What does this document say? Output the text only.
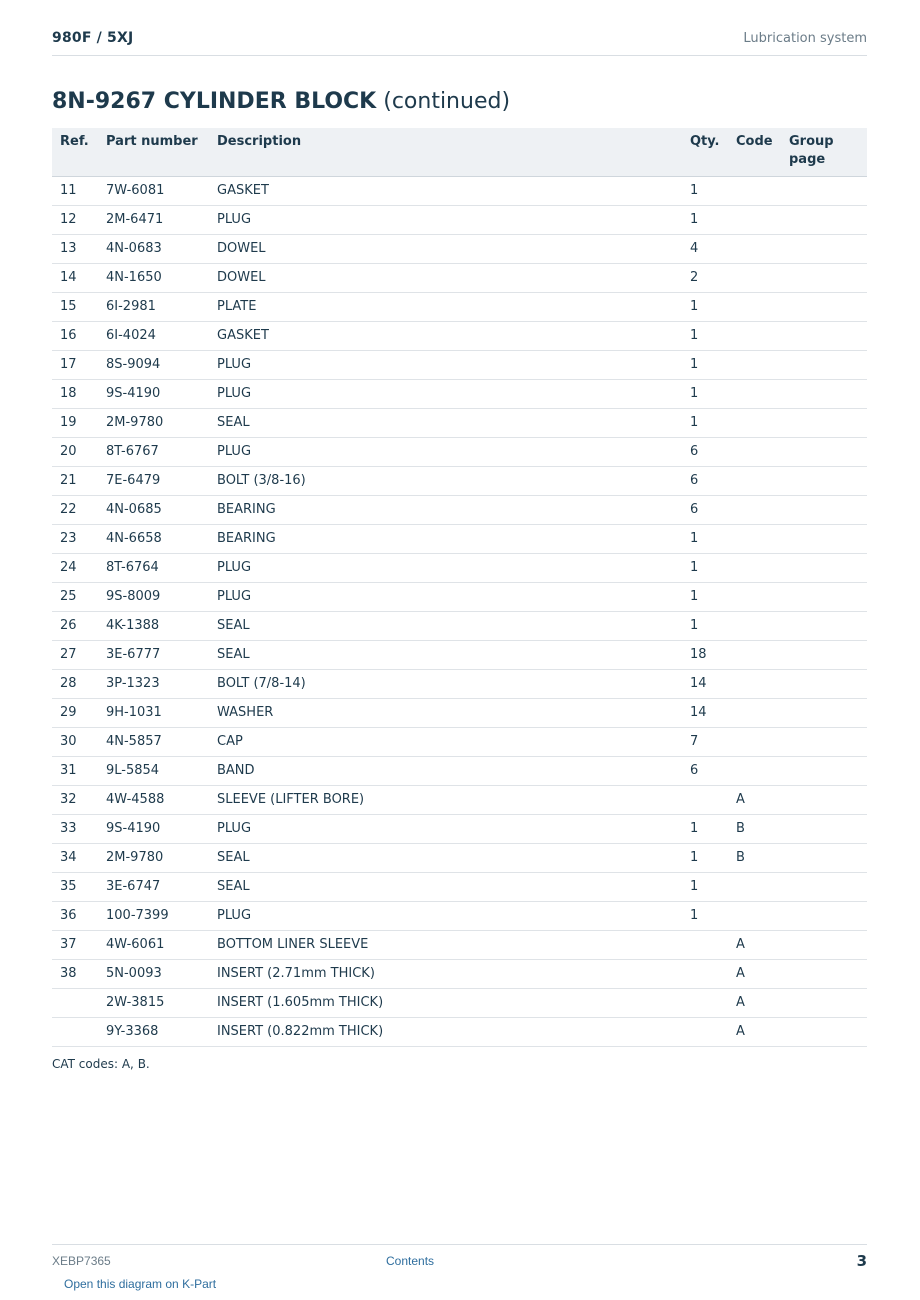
980F / 5XJ	Lubrication system
8N-9267 CYLINDER BLOCK (continued)
Ref.	Part number	Description	Qty.	Code	Group page
11	7W-6081	GASKET	1		
12	2M-6471	PLUG	1		
13	4N-0683	DOWEL	4		
14	4N-1650	DOWEL	2		
15	6I-2981	PLATE	1		
16	6I-4024	GASKET	1		
17	8S-9094	PLUG	1		
18	9S-4190	PLUG	1		
19	2M-9780	SEAL	1		
20	8T-6767	PLUG	6		
21	7E-6479	BOLT (3/8-16)	6		
22	4N-0685	BEARING	6		
23	4N-6658	BEARING	1		
24	8T-6764	PLUG	1		
25	9S-8009	PLUG	1		
26	4K-1388	SEAL	1		
27	3E-6777	SEAL	18		
28	3P-1323	BOLT (7/8-14)	14		
29	9H-1031	WASHER	14		
30	4N-5857	CAP	7		
31	9L-5854	BAND	6		
32	4W-4588	SLEEVE (LIFTER BORE)		A	
33	9S-4190	PLUG	1	B	
34	2M-9780	SEAL	1	B	
35	3E-6747	SEAL	1		
36	100-7399	PLUG	1		
37	4W-6061	BOTTOM LINER SLEEVE		A	
38	5N-0093	INSERT (2.71mm THICK)		A	
	2W-3815	INSERT (1.605mm THICK)		A	
	9Y-3368	INSERT (0.822mm THICK)		A	
CAT codes: A, B.
XEBP7365	Contents	3
Open this diagram on K-Part
